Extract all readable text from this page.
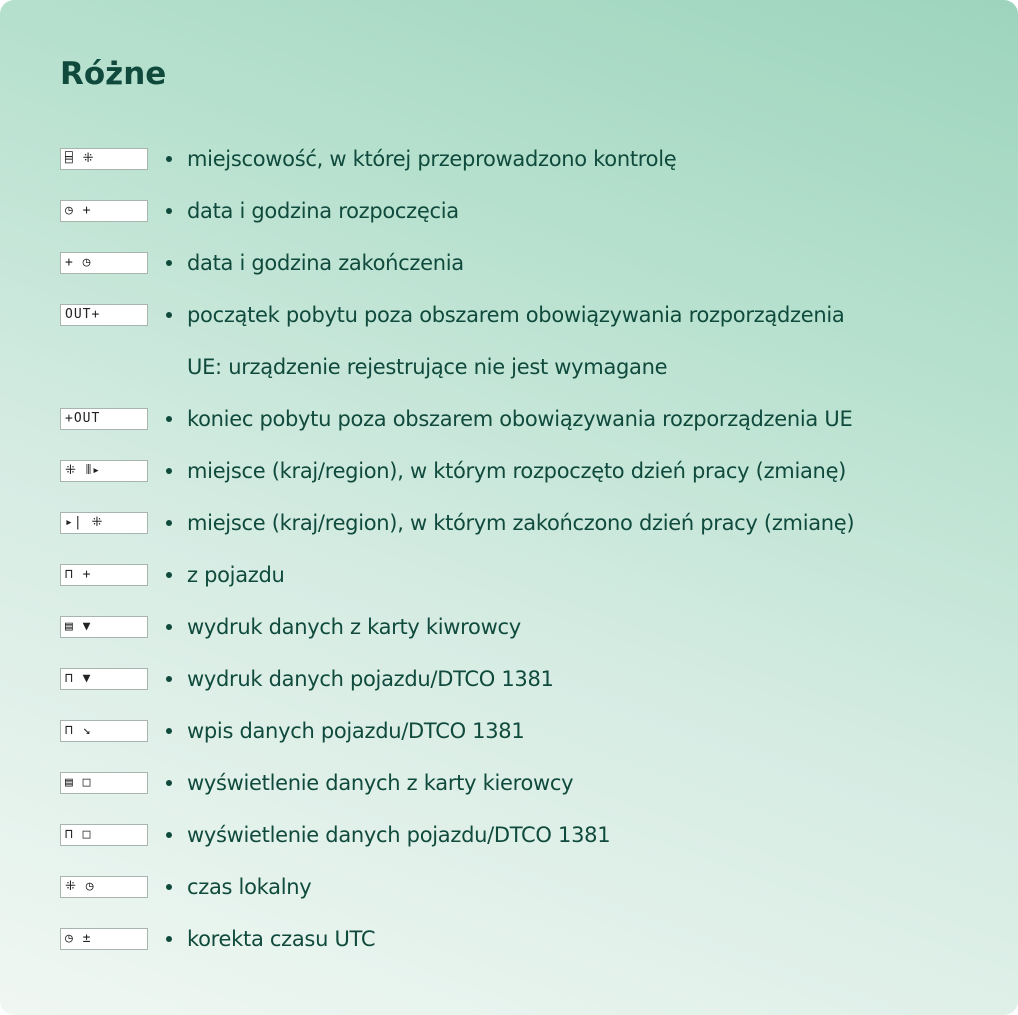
Różne
⌸ ⁜	miejscowość, w której przeprowadzono kontrolę
◷ +	data i godzina rozpoczęcia
+ ◷	data i godzina zakończenia
OUT+	początek pobytu poza obszarem obowiązywania rozporządzenia
UE: urządzenie rejestrujące nie jest wymagane
+OUT	koniec pobytu poza obszarem obowiązywania rozporządzenia UE
⁜ ⫴▸	miejsce (kraj/region), w którym rozpoczęto dzień pracy (zmianę)
▸| ⁜	miejsce (kraj/region), w którym zakończono dzień pracy (zmianę)
⊓ +	z pojazdu
▤ ▼	wydruk danych z karty kiwrowcy
⊓ ▼	wydruk danych pojazdu/DTCO 1381
⊓ ↘	wpis danych pojazdu/DTCO 1381
▤ □	wyświetlenie danych z karty kierowcy
⊓ □	wyświetlenie danych pojazdu/DTCO 1381
⁜ ◷	czas lokalny
◷ ±	korekta czasu UTC
